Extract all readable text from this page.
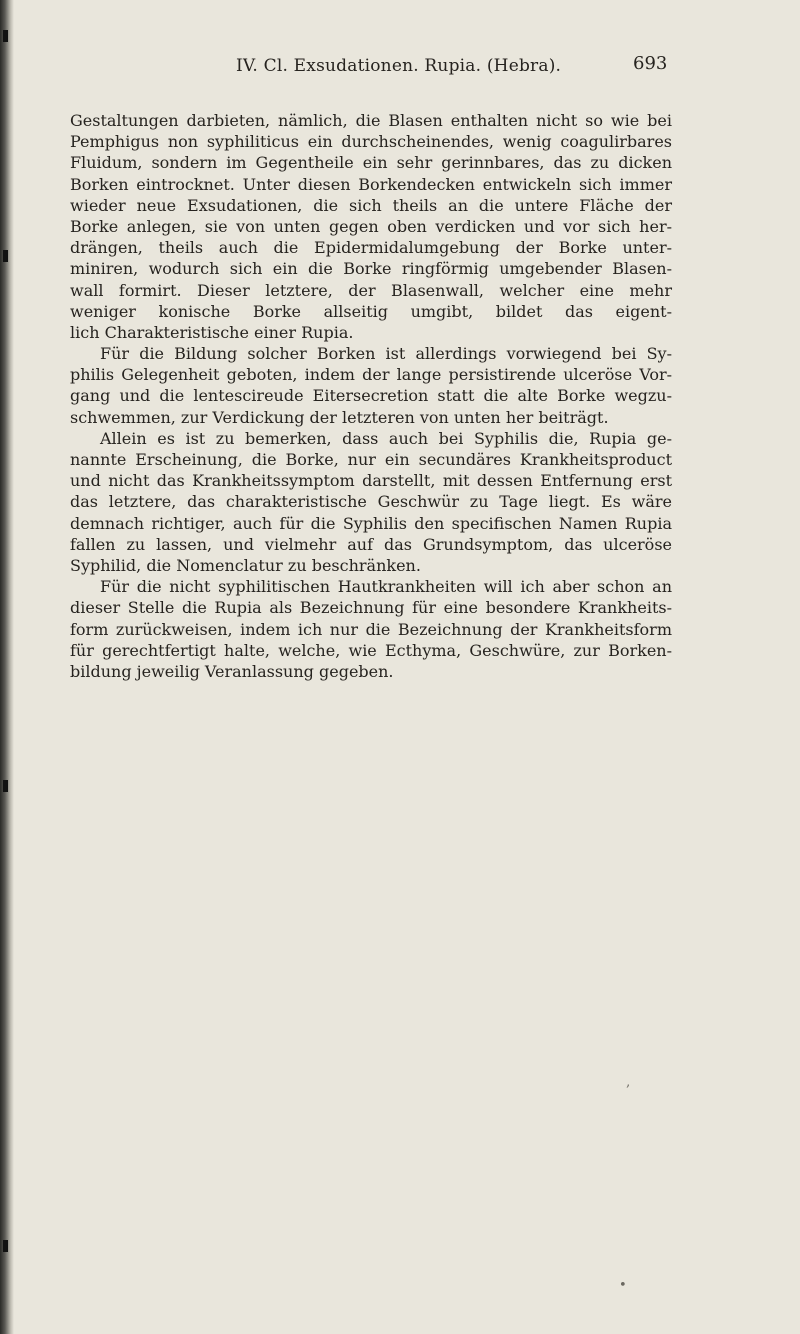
IV. Cl. Exsudationen. Rupia. (Hebra).	693
Gestaltungen darbieten, nämlich, die Blasen enthalten nicht so wie bei
Pemphigus non syphiliticus ein durchscheinendes, wenig coagulirbares
Fluidum, sondern im Gegentheile ein sehr gerinnbares, das zu dicken
Borken eintrocknet. Unter diesen Borkendecken entwickeln sich immer
wieder neue Exsudationen, die sich theils an die untere Fläche der
Borke anlegen, sie von unten gegen oben verdicken und vor sich her-
drängen, theils auch die Epidermidalumgebung der Borke unter-
miniren, wodurch sich ein die Borke ringförmig umgebender Blasen-
wall formirt. Dieser letztere, der Blasenwall, welcher eine mehr
weniger konische Borke allseitig umgibt, bildet das eigent-
lich Charakteristische einer Rupia.
Für die Bildung solcher Borken ist allerdings vorwiegend bei Sy-
philis Gelegenheit geboten, indem der lange persistirende ulceröse Vor-
gang und die lentescireude Eitersecretion statt die alte Borke wegzu-
schwemmen, zur Verdickung der letzteren von unten her beiträgt.
Allein es ist zu bemerken, dass auch bei Syphilis die, Rupia ge-
nannte Erscheinung, die Borke, nur ein secundäres Krankheitsproduct
und nicht das Krankheitssymptom darstellt, mit dessen Entfernung erst
das letztere, das charakteristische Geschwür zu Tage liegt. Es wäre
demnach richtiger, auch für die Syphilis den specifischen Namen Rupia
fallen zu lassen, und vielmehr auf das Grundsymptom, das ulceröse
Syphilid, die Nomenclatur zu beschränken.
Für die nicht syphilitischen Hautkrankheiten will ich aber schon an
dieser Stelle die Rupia als Bezeichnung für eine besondere Krankheits-
form zurückweisen, indem ich nur die Bezeichnung der Krankheitsform
für gerechtfertigt halte, welche, wie Ecthyma, Geschwüre, zur Borken-
bildung jeweilig Veranlassung gegeben.
‚
•
